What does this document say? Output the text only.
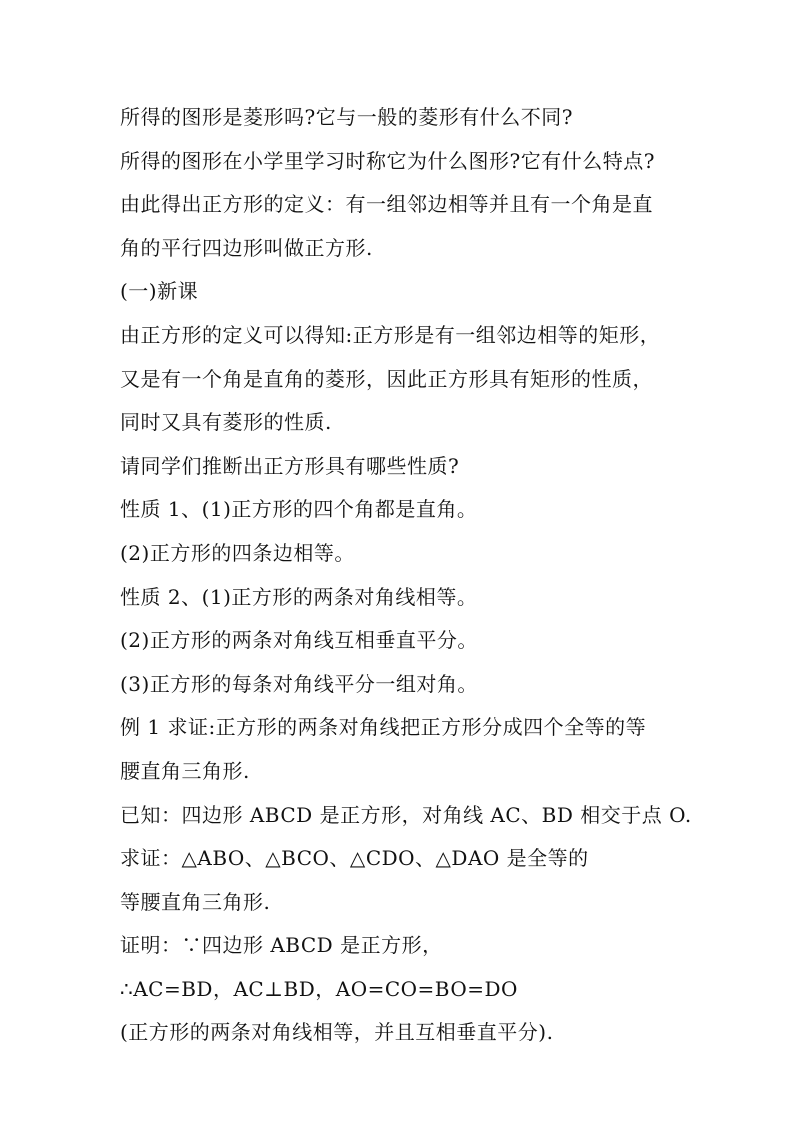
所得的图形是菱形吗?它与一般的菱形有什么不同?
所得的图形在小学里学习时称它为什么图形?它有什么特点?
由此得出正方形的定义：有一组邻边相等并且有一个角是直
角的平行四边形叫做正方形.
(一)新课
由正方形的定义可以得知:正方形是有一组邻边相等的矩形，
又是有一个角是直角的菱形，因此正方形具有矩形的性质，
同时又具有菱形的性质.
请同学们推断出正方形具有哪些性质?
性质 1、(1)正方形的四个角都是直角。
(2)正方形的四条边相等。
性质 2、(1)正方形的两条对角线相等。
(2)正方形的两条对角线互相垂直平分。
(3)正方形的每条对角线平分一组对角。
例 1 求证:正方形的两条对角线把正方形分成四个全等的等
腰直角三角形.
已知：四边形 ABCD 是正方形，对角线 AC、BD 相交于点 O.
求证：△ABO、△BCO、△CDO、△DAO 是全等的
等腰直角三角形.
证明：∵四边形 ABCD 是正方形，
∴AC=BD，AC⊥BD，AO=CO=BO=DO
(正方形的两条对角线相等，并且互相垂直平分).
